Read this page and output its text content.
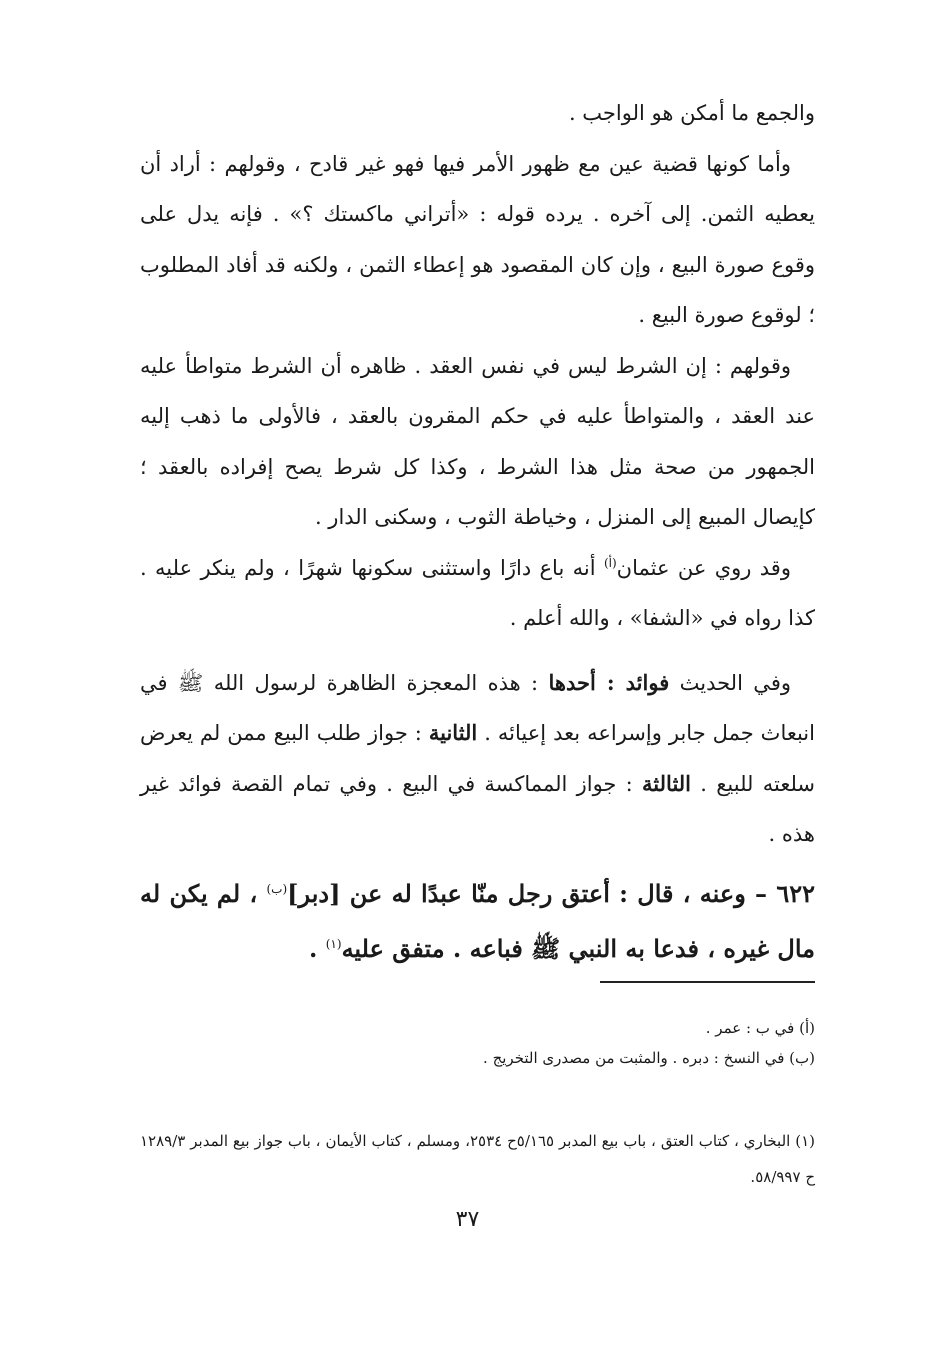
والجمع ما أمكن هو الواجب .

وأما كونها قضية عين مع ظهور الأمر فيها فهو غير قادح ، وقولهم : أراد أن يعطيه الثمن. إلى آخره . يرده قوله : «أتراني ماكستك ؟» . فإنه يدل على وقوع صورة البيع ، وإن كان المقصود هو إعطاء الثمن ، ولكنه قد أفاد المطلوب ؛ لوقوع صورة البيع .

وقولهم : إن الشرط ليس في نفس العقد . ظاهره أن الشرط متواطأ عليه عند العقد ، والمتواطأ عليه في حكم المقرون بالعقد ، فالأولى ما ذهب إليه الجمهور من صحة مثل هذا الشرط ، وكذا كل شرط يصح إفراده بالعقد ؛ كإيصال المبيع إلى المنزل ، وخياطة الثوب ، وسكنى الدار .

وقد روي عن عثمان$^{(أ)}$ أنه باع دارًا واستثنى سكونها شهرًا ، ولم ينكر عليه . كذا رواه في «الشفا» ، والله أعلم .

وفي الحديث فوائد : أحدها : هذه المعجزة الظاهرة لرسول الله ﷺ في انبعاث جمل جابر وإسراعه بعد إعيائه . الثانية : جواز طلب البيع ممن لم يعرض سلعته للبيع . الثالثة : جواز المماكسة في البيع . وفي تمام القصة فوائد غير هذه .

٦٢٢ – وعنه ، قال : أعتق رجل منّا عبدًا له عن [دبر]$^{(ب)}$ ، لم يكن له مال غيره ، فدعا به النبي ﷺ فباعه . متفق عليه$^{(١)}$ .

(أ) في ب : عمر .

(ب) في النسخ : دبره . والمثبت من مصدرى التخريج .

(١) البخاري ، كتاب العتق ، باب بيع المدبر ٥/١٦٥ح ٢٥٣٤، ومسلم ، كتاب الأيمان ، باب جواز بيع المدبر ١٢٨٩/٣ ح ٥٨/٩٩٧.

٣٧
